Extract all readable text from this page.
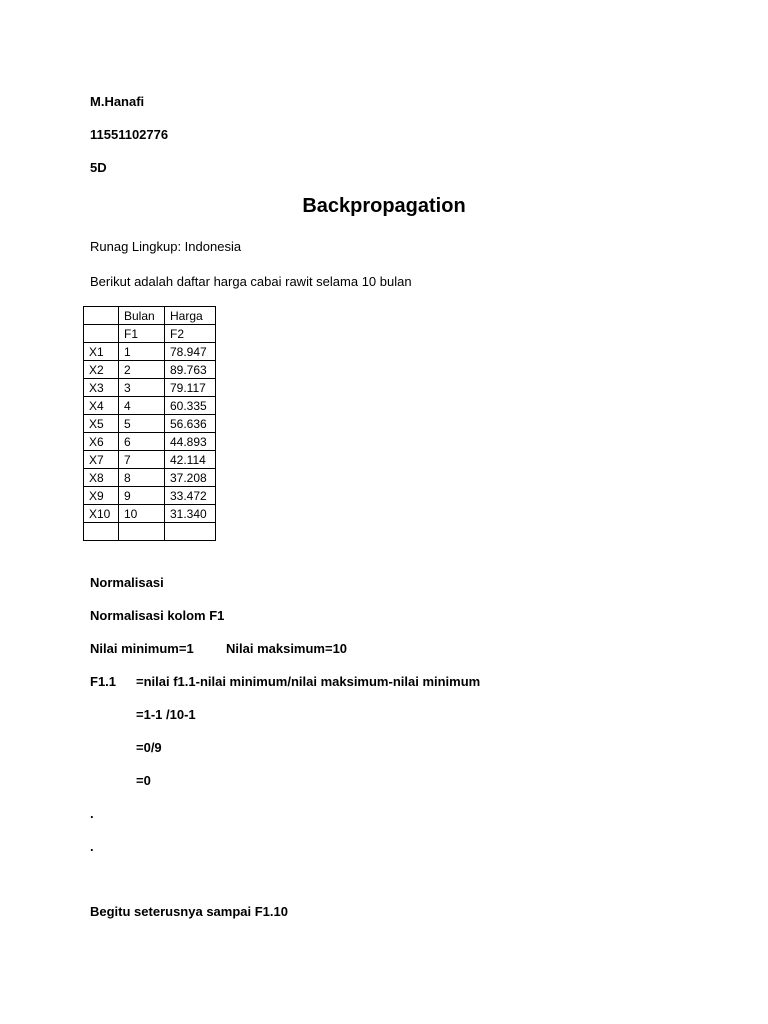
M.Hanafi
11551102776
5D
Backpropagation
Runag Lingkup: Indonesia
Berikut adalah daftar harga cabai rawit selama 10 bulan
	Bulan	Harga
	F1	F2
X1	1	78.947
X2	2	89.763
X3	3	79.117
X4	4	60.335
X5	5	56.636
X6	6	44.893
X7	7	42.114
X8	8	37.208
X9	9	33.472
X10	10	31.340

Normalisasi
Normalisasi kolom F1
Nilai minimum=1 Nilai maksimum=10
F1.1 =nilai f1.1-nilai minimum/nilai maksimum-nilai minimum
=1-1 /10-1
=0/9
=0
.
.
Begitu seterusnya sampai F1.10
